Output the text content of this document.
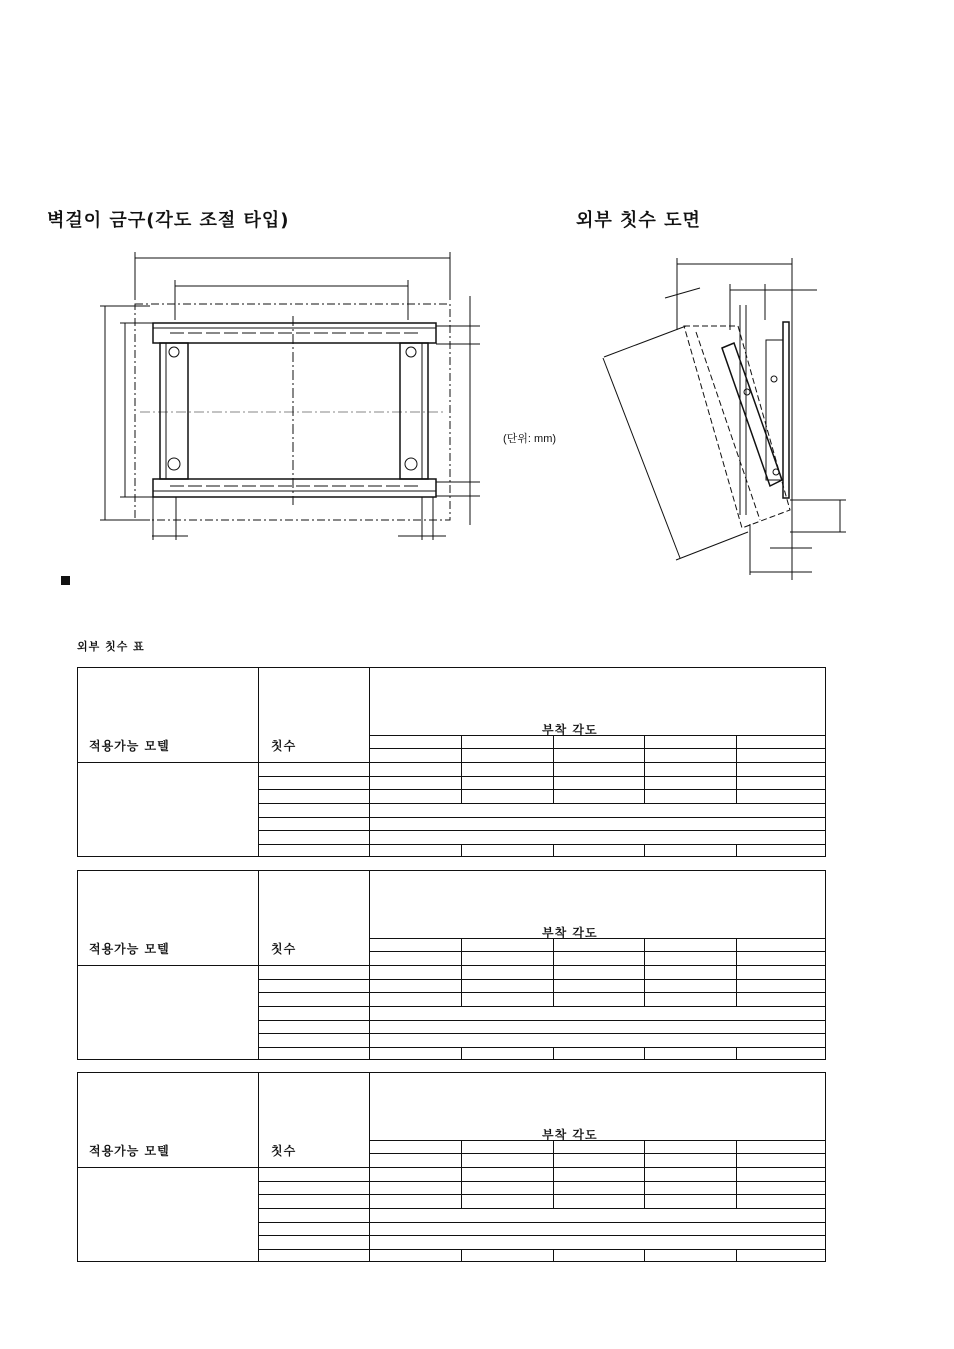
벽걸이 금구(각도 조절 타입)	외부 칫수 도면
(단위: mm)
외부 칫수 표
적용가능 모텔	칫수
부착 각도
적용가능 모텔	칫수
부착 각도
적용가능 모텔	칫수
부착 각도
